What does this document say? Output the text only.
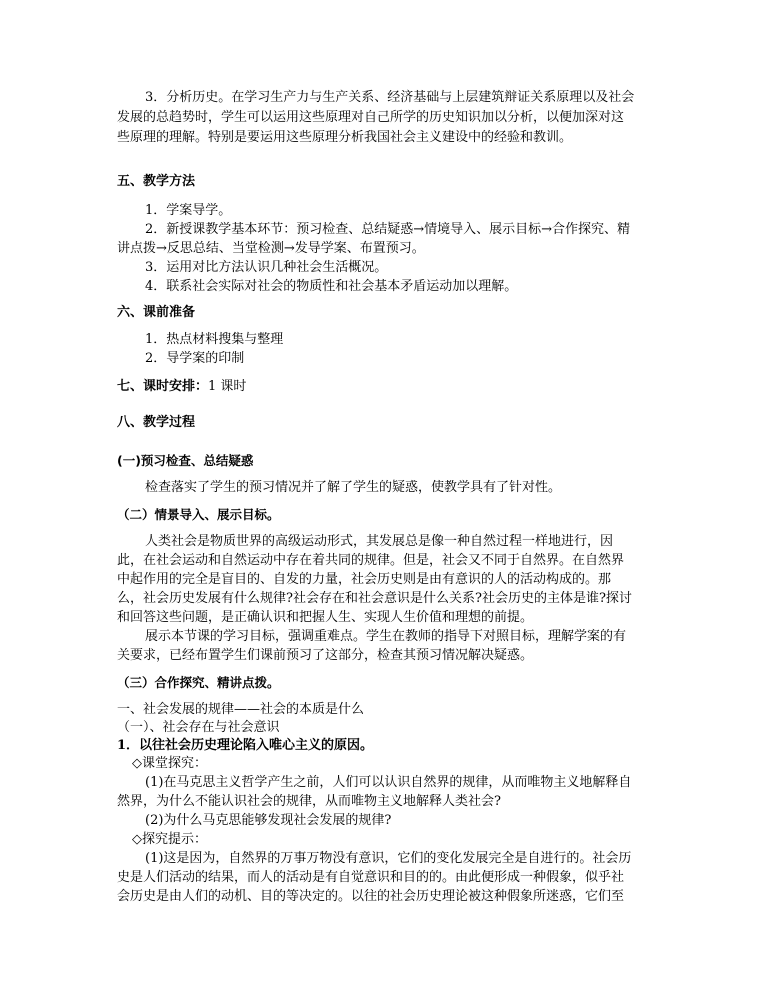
3．分析历史。在学习生产力与生产关系、经济基础与上层建筑辩证关系原理以及社会

发展的总趋势时，学生可以运用这些原理对自己所学的历史知识加以分析，以便加深对这

些原理的理解。特别是要运用这些原理分析我国社会主义建设中的经验和教训。

五、教学方法

1．学案导学。

2．新授课教学基本环节：预习检查、总结疑惑→情境导入、展示目标→合作探究、精

讲点拨→反思总结、当堂检测→发导学案、布置预习。

3．运用对比方法认识几种社会生活概况。

4．联系社会实际对社会的物质性和社会基本矛盾运动加以理解。

六、课前准备

1．热点材料搜集与整理

2．导学案的印制

七、课时安排：1 课时

八、教学过程

(一)预习检查、总结疑惑

检查落实了学生的预习情况并了解了学生的疑惑，使教学具有了针对性。

（二）情景导入、展示目标。

人类社会是物质世界的高级运动形式，其发展总是像一种自然过程一样地进行，因

此，在社会运动和自然运动中存在着共同的规律。但是，社会又不同于自然界。在自然界

中起作用的完全是盲目的、自发的力量，社会历史则是由有意识的人的活动构成的。那

么，社会历史发展有什么规律?社会存在和社会意识是什么关系?社会历史的主体是谁?探讨

和回答这些问题，是正确认识和把握人生、实现人生价值和理想的前提。

展示本节课的学习目标，强调重难点。学生在教师的指导下对照目标，理解学案的有

关要求，已经布置学生们课前预习了这部分，检查其预习情况解决疑惑。

（三）合作探究、精讲点拨。

一、社会发展的规律——社会的本质是什么

（一）、社会存在与社会意识

1．以往社会历史理论陷入唯心主义的原因。

◇课堂探究：

(1)在马克思主义哲学产生之前，人们可以认识自然界的规律，从而唯物主义地解释自

然界，为什么不能认识社会的规律，从而唯物主义地解释人类社会?

(2)为什么马克思能够发现社会发展的规律?

◇探究提示：

(1)这是因为，自然界的万事万物没有意识，它们的变化发展完全是自进行的。社会历

史是人们活动的结果，而人的活动是有自觉意识和目的的。由此便形成一种假象，似乎社

会历史是由人们的动机、目的等决定的。以往的社会历史理论被这种假象所迷惑，它们至
